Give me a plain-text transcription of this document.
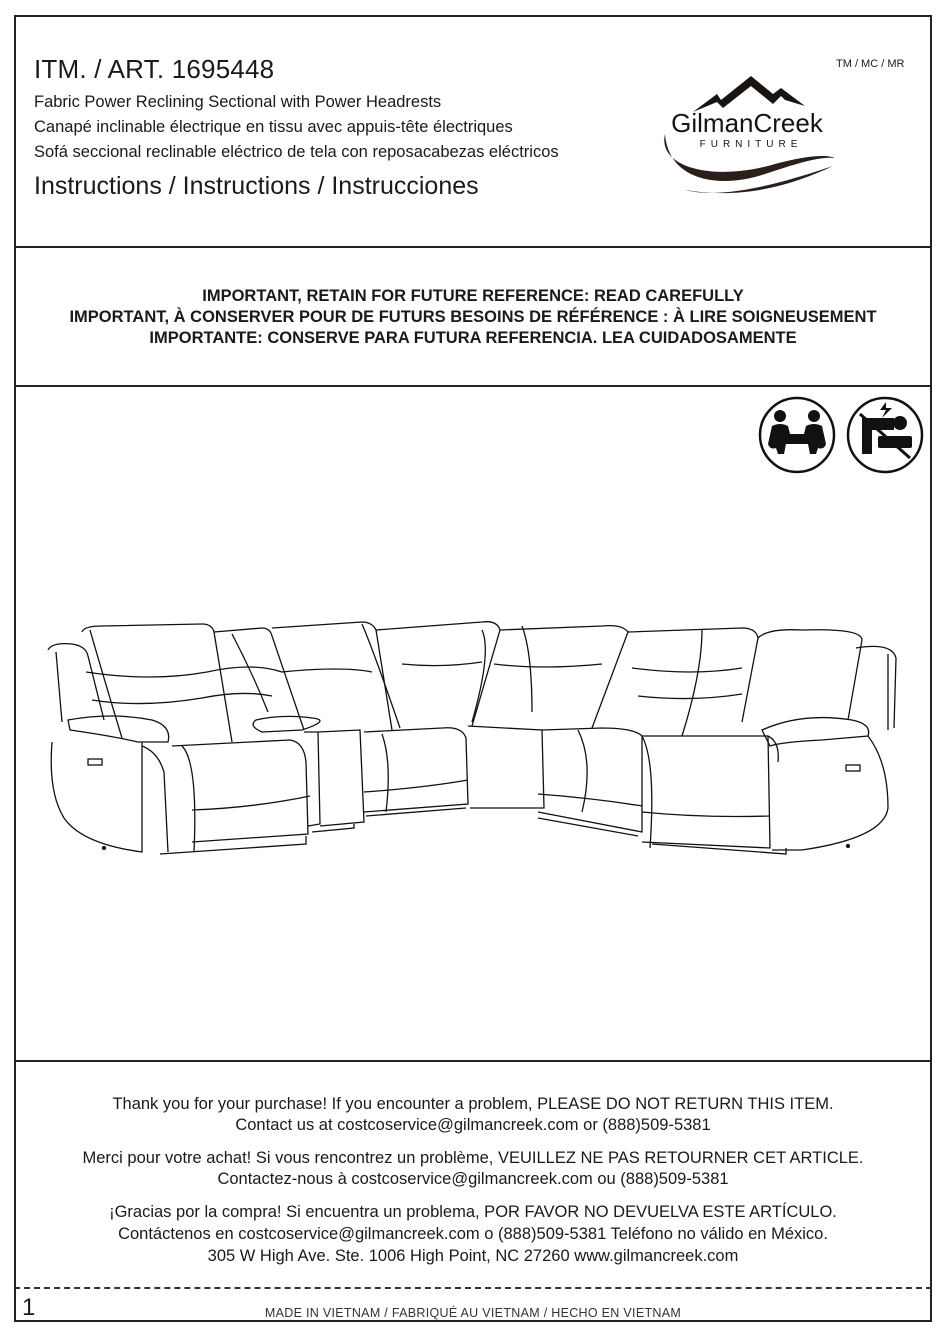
ITM. / ART. 1695448
Fabric Power Reclining Sectional with Power Headrests
Canapé inclinable électrique en tissu avec appuis-tête électriques
Sofá seccional reclinable eléctrico de tela con reposacabezas eléctricos
Instructions / Instructions / Instrucciones
TM / MC / MR
GilmanCreek
FURNITURE
IMPORTANT, RETAIN FOR FUTURE REFERENCE: READ CAREFULLY
IMPORTANT, À CONSERVER POUR DE FUTURS BESOINS DE RÉFÉRENCE : À LIRE SOIGNEUSEMENT
IMPORTANTE: CONSERVE PARA FUTURA REFERENCIA. LEA CUIDADOSAMENTE
Thank you for your purchase! If you encounter a problem, PLEASE DO NOT RETURN THIS ITEM.
Contact us at costcoservice@gilmancreek.com or (888)509-5381
Merci pour votre achat! Si vous rencontrez un problème, VEUILLEZ NE PAS RETOURNER CET ARTICLE.
Contactez-nous à costcoservice@gilmancreek.com ou (888)509-5381
¡Gracias por la compra! Si encuentra un problema, POR FAVOR NO DEVUELVA ESTE ARTÍCULO.
Contáctenos en costcoservice@gilmancreek.com o (888)509-5381 Teléfono no válido en México.
305 W High Ave. Ste. 1006 High Point, NC 27260 www.gilmancreek.com
1	MADE IN VIETNAM / FABRIQUÉ AU VIETNAM / HECHO EN VIETNAM
